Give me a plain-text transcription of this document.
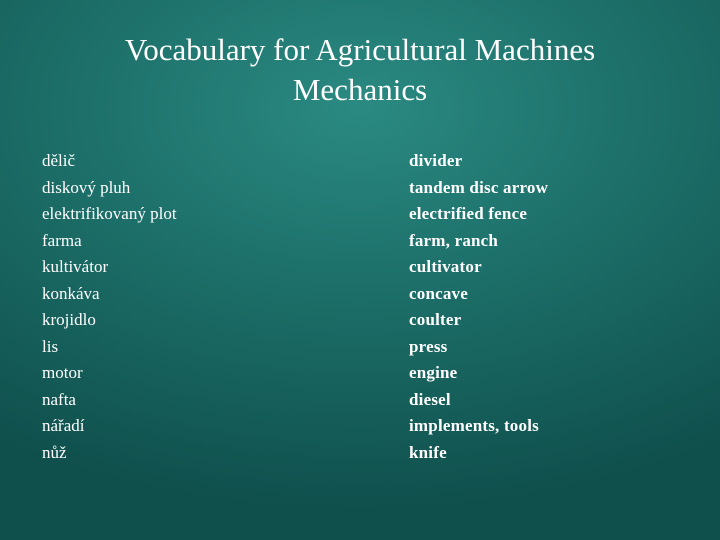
Vocabulary for Agricultural Machines
Mechanics
dělič
diskový pluh
elektrifikovaný plot
farma
kultivátor
konkáva
krojidlo
lis
motor
nafta
nářadí
nůž
divider
tandem disc arrow
electrified fence
farm, ranch
cultivator
concave
coulter
press
engine
diesel
implements, tools
knife
